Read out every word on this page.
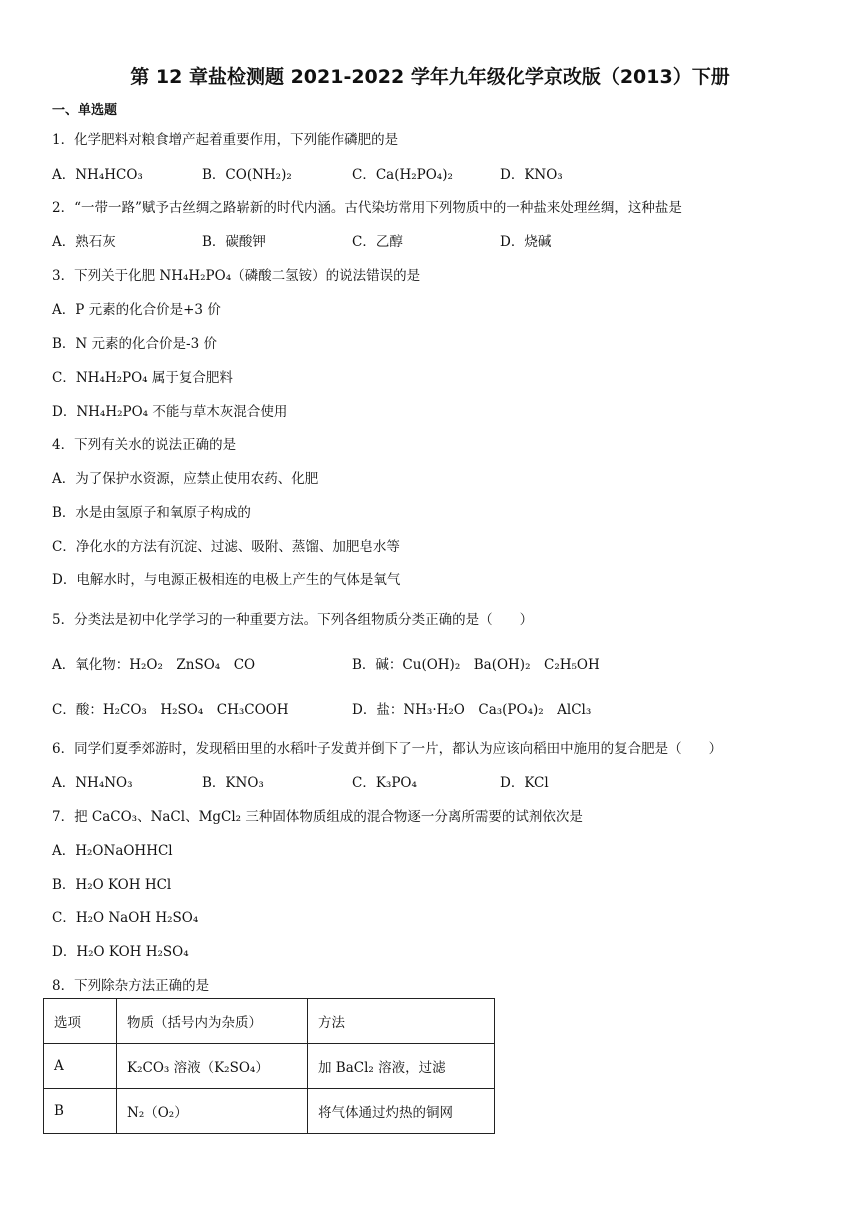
第 12 章盐检测题 2021-2022 学年九年级化学京改版（2013）下册
一、单选题
1．化学肥料对粮食增产起着重要作用，下列能作磷肥的是
A．NH₄HCO₃	B．CO(NH₂)₂	C．Ca(H₂PO₄)₂	D．KNO₃
2．“一带一路”赋予古丝绸之路崭新的时代内涵。古代染坊常用下列物质中的一种盐来处理丝绸，这种盐是
A．熟石灰	B．碳酸钾	C．乙醇	D．烧碱
3．下列关于化肥 NH₄H₂PO₄（磷酸二氢铵）的说法错误的是
A．P 元素的化合价是+3 价
B．N 元素的化合价是-3 价
C．NH₄H₂PO₄ 属于复合肥料
D．NH₄H₂PO₄ 不能与草木灰混合使用
4．下列有关水的说法正确的是
A．为了保护水资源，应禁止使用农药、化肥
B．水是由氢原子和氧原子构成的
C．净化水的方法有沉淀、过滤、吸附、蒸馏、加肥皂水等
D．电解水时，与电源正极相连的电极上产生的气体是氧气
5．分类法是初中化学学习的一种重要方法。下列各组物质分类正确的是（　　）
A．氧化物：H₂O₂　ZnSO₄　CO	B．碱：Cu(OH)₂　Ba(OH)₂　C₂H₅OH
C．酸：H₂CO₃　H₂SO₄　CH₃COOH	D．盐：NH₃·H₂O　Ca₃(PO₄)₂　AlCl₃
6．同学们夏季郊游时，发现稻田里的水稻叶子发黄并倒下了一片，都认为应该向稻田中施用的复合肥是（　　）
A．NH₄NO₃	B．KNO₃	C．K₃PO₄	D．KCl
7．把 CaCO₃、NaCl、MgCl₂ 三种固体物质组成的混合物逐一分离所需要的试剂依次是
A．H₂ONaOHHCl
B．H₂O KOH HCl
C．H₂O NaOH H₂SO₄
D．H₂O KOH H₂SO₄
8．下列除杂方法正确的是
选项	物质（括号内为杂质）	方法
A	K₂CO₃ 溶液（K₂SO₄）	加 BaCl₂ 溶液，过滤
B	N₂（O₂）	将气体通过灼热的铜网
